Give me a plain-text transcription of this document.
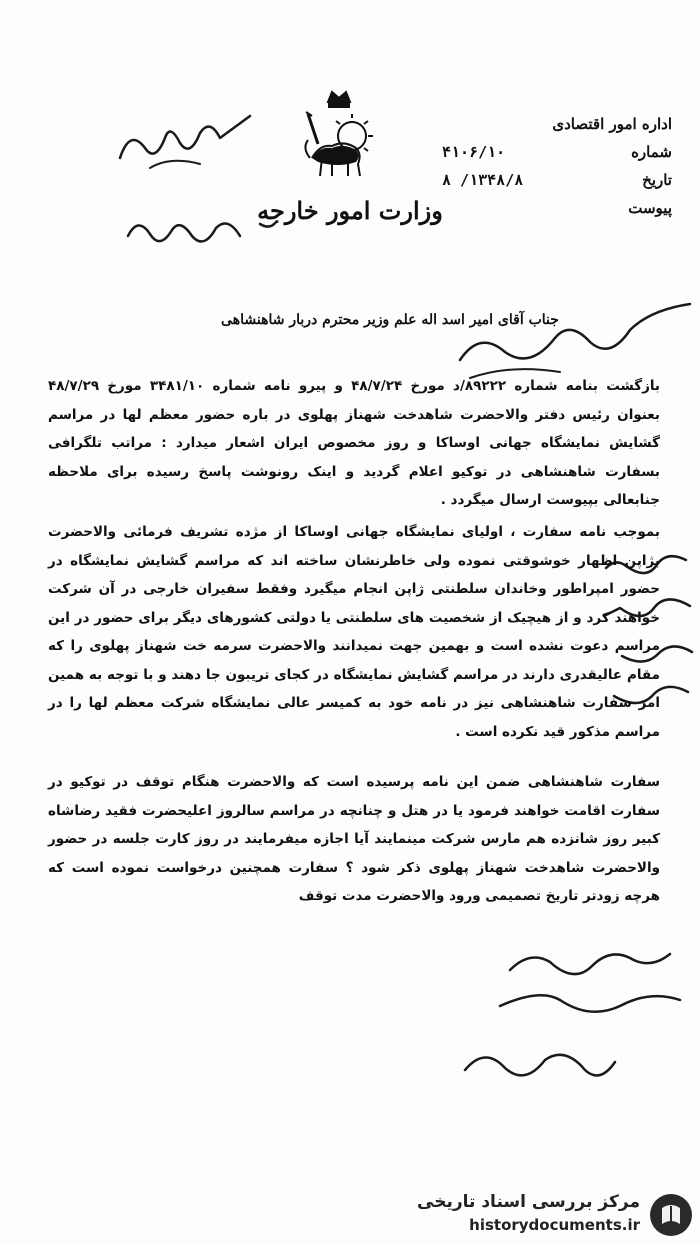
وزارت امور خارجه
اداره امور اقتصادی
شماره
۴۱۰۶/۱۰
تاریخ
۱۳۴۸/۸/ ۸
پیوست
جناب آقای امیر اسد اله علم وزیر محترم دربار شاهنشاهی
بازگشت بنامه شماره ۸۹۲۲۲/د مورخ ۴۸/۷/۲۴ و پیرو نامه شماره ۳۴۸۱/۱۰ مورخ ۴۸/۷/۲۹ بعنوان رئیس دفتر والاحضرت شاهدخت شهناز پهلوی در باره حضور معظم لها در مراسم گشایش نمایشگاه جهانی اوساکا و روز مخصوص ایران اشعار میدارد : مراتب تلگرافی بسفارت شاهنشاهی در توکیو اعلام گردید و اینک رونوشت پاسخ رسیده برای ملاحظه جنابعالی بپیوست ارسال میگردد .
بموجب نامه سفارت ، اولیای نمایشگاه جهانی اوساکا از مژده تشریف فرمائی والاحضرت بژاپن اظهار خوشوقتی نموده ولی خاطرنشان ساخته اند که مراسم گشایش نمایشگاه در حضور امپراطور وخاندان سلطنتی ژاپن انجام میگیرد وفقط سفیران خارجی در آن شرکت خواهند کرد و از هیچیک از شخصیت های سلطنتی یا دولتی کشورهای دیگر برای حضور در این مراسم دعوت نشده است و بهمین جهت نمیدانند والاحضرت سرمه خت شهناز پهلوی را که مقام عالیقدری دارند در مراسم گشایش نمایشگاه در کجای تریبون جا دهند و با توجه به همین امر سفارت شاهنشاهی نیز در نامه خود به کمیسر عالی نمایشگاه شرکت معظم لها را در مراسم مذکور قید نکرده است .
سفارت شاهنشاهی ضمن این نامه پرسیده است که والاحضرت هنگام توقف در توکیو در سفارت اقامت خواهند فرمود یا در هتل و چنانچه در مراسم سالروز اعلیحضرت فقید رضاشاه کبیر روز شانزده هم مارس شرکت مینمایند آیا اجازه میفرمایند در روز کارت جلسه در حضور والاحضرت شاهدخت شهناز پهلوی ذکر شود ؟ سفارت همچنین درخواست نموده است که هرچه زودتر تاریخ تصمیمی ورود والاحضرت مدت توقف
مرکز بررسی اسناد تاریخی
historydocuments.ir
